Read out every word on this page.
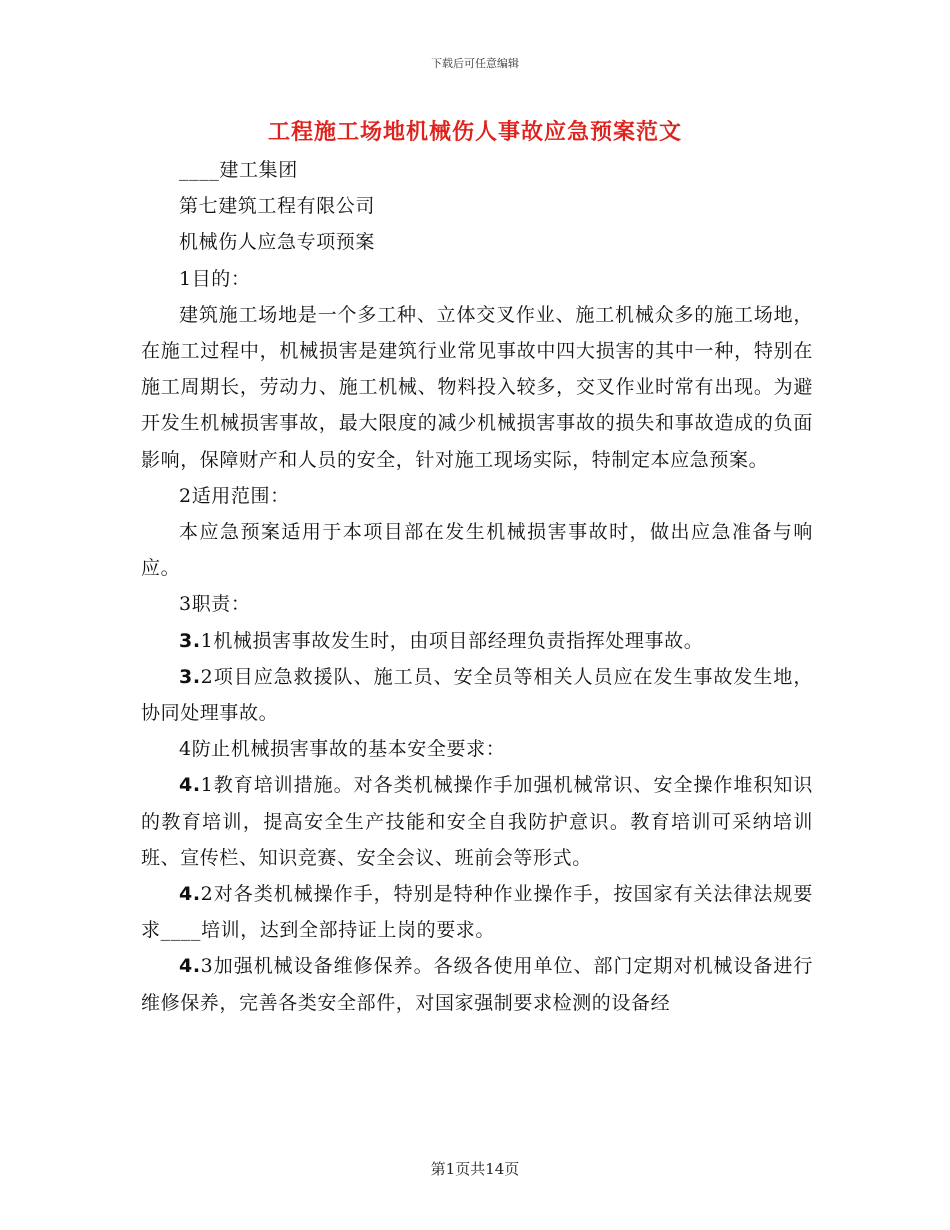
下载后可任意编辑
工程施工场地机械伤人事故应急预案范文

____建工集团

第七建筑工程有限公司

机械伤人应急专项预案

1目的：

建筑施工场地是一个多工种、立体交叉作业、施工机械众多的施工场地，在施工过程中，机械损害是建筑行业常见事故中四大损害的其中一种，特别在施工周期长，劳动力、施工机械、物料投入较多，交叉作业时常有出现。为避开发生机械损害事故，最大限度的减少机械损害事故的损失和事故造成的负面影响，保障财产和人员的安全，针对施工现场实际，特制定本应急预案。

2适用范围：

本应急预案适用于本项目部在发生机械损害事故时，做出应急准备与响应。

3职责：

3.1机械损害事故发生时，由项目部经理负责指挥处理事故。

3.2项目应急救援队、施工员、安全员等相关人员应在发生事故发生地，协同处理事故。

4防止机械损害事故的基本安全要求：

4.1教育培训措施。对各类机械操作手加强机械常识、安全操作堆积知识的教育培训，提高安全生产技能和安全自我防护意识。教育培训可采纳培训班、宣传栏、知识竞赛、安全会议、班前会等形式。

4.2对各类机械操作手，特别是特种作业操作手，按国家有关法律法规要求____培训，达到全部持证上岗的要求。

4.3加强机械设备维修保养。各级各使用单位、部门定期对机械设备进行维修保养，完善各类安全部件，对国家强制要求检测的设备经

第1页共14页
